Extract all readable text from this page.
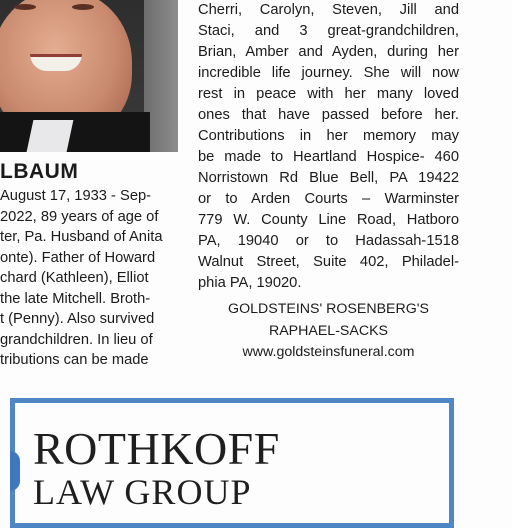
LBAUM
August 17, 1933 - Sep-
2022, 89 years of age of
ter, Pa. Husband of Anita
onte). Father of Howard
chard (Kathleen), Elliot
the late Mitchell. Broth-
t (Penny). Also survived
grandchildren. In lieu of
tributions can be made
Cherri, Carolyn, Steven, Jill and
Staci, and 3 great-grandchildren,
Brian, Amber and Ayden, during her
incredible life journey. She will now
rest in peace with her many loved
ones that have passed before her.
Contributions in her memory may
be made to Heartland Hospice- 460
Norristown Rd Blue Bell, PA 19422
or to Arden Courts – Warminster
779 W. County Line Road, Hatboro
PA, 19040 or to Hadassah-1518
Walnut Street, Suite 402, Philadel-
phia PA, 19020.
GOLDSTEINS' ROSENBERG'S
RAPHAEL-SACKS
www.goldsteinsfuneral.com
ROTHKOFF
LAW GROUP
